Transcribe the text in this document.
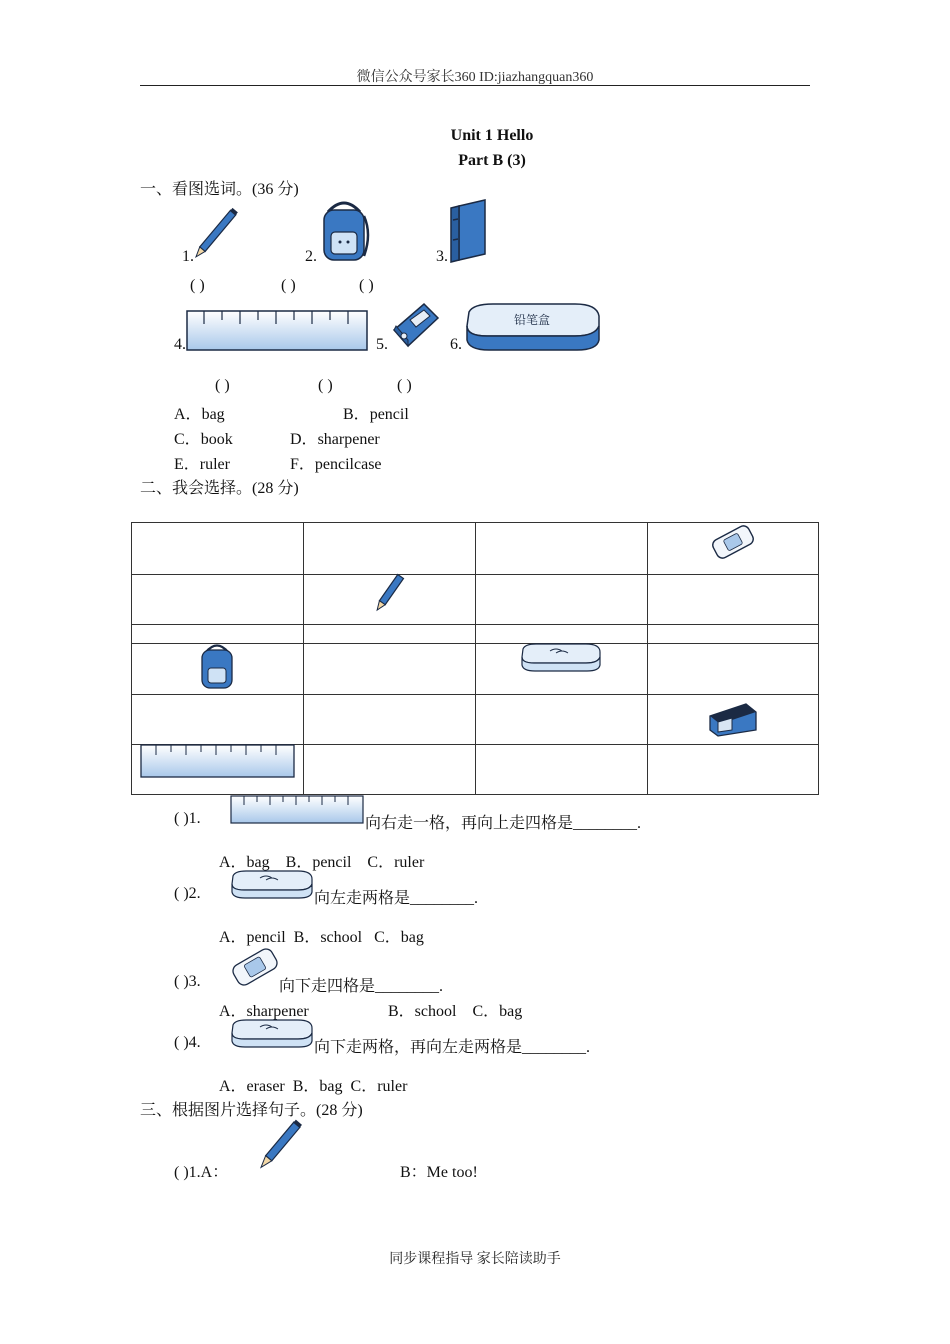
微信公众号家长360 ID:jiazhangquan360
Unit 1 Hello
Part B (3)
一、看图选词。(36 分)
1.	2.	3.
( )	( )	( )
4.	5.	6.
铅笔盒
( )	( )	( )
A．bag	B．pencil
C．book	D．sharpener
E．ruler	F．pencilcase
二、我会选择。(28 分)
( )1.	向右走一格，再向上走四格是________.
A．bag    B．pencil    C．ruler
( )2.	向左走两格是________.
A．pencil  B．school   C．bag
( )3.	向下走四格是________.
A．sharpener	B．school    C．bag
( )4.	向下走两格，再向左走两格是________.
A．eraser  B．bag  C．ruler
三、根据图片选择句子。(28 分)
( )1.A：	B：Me too!
同步课程指导 家长陪读助手
